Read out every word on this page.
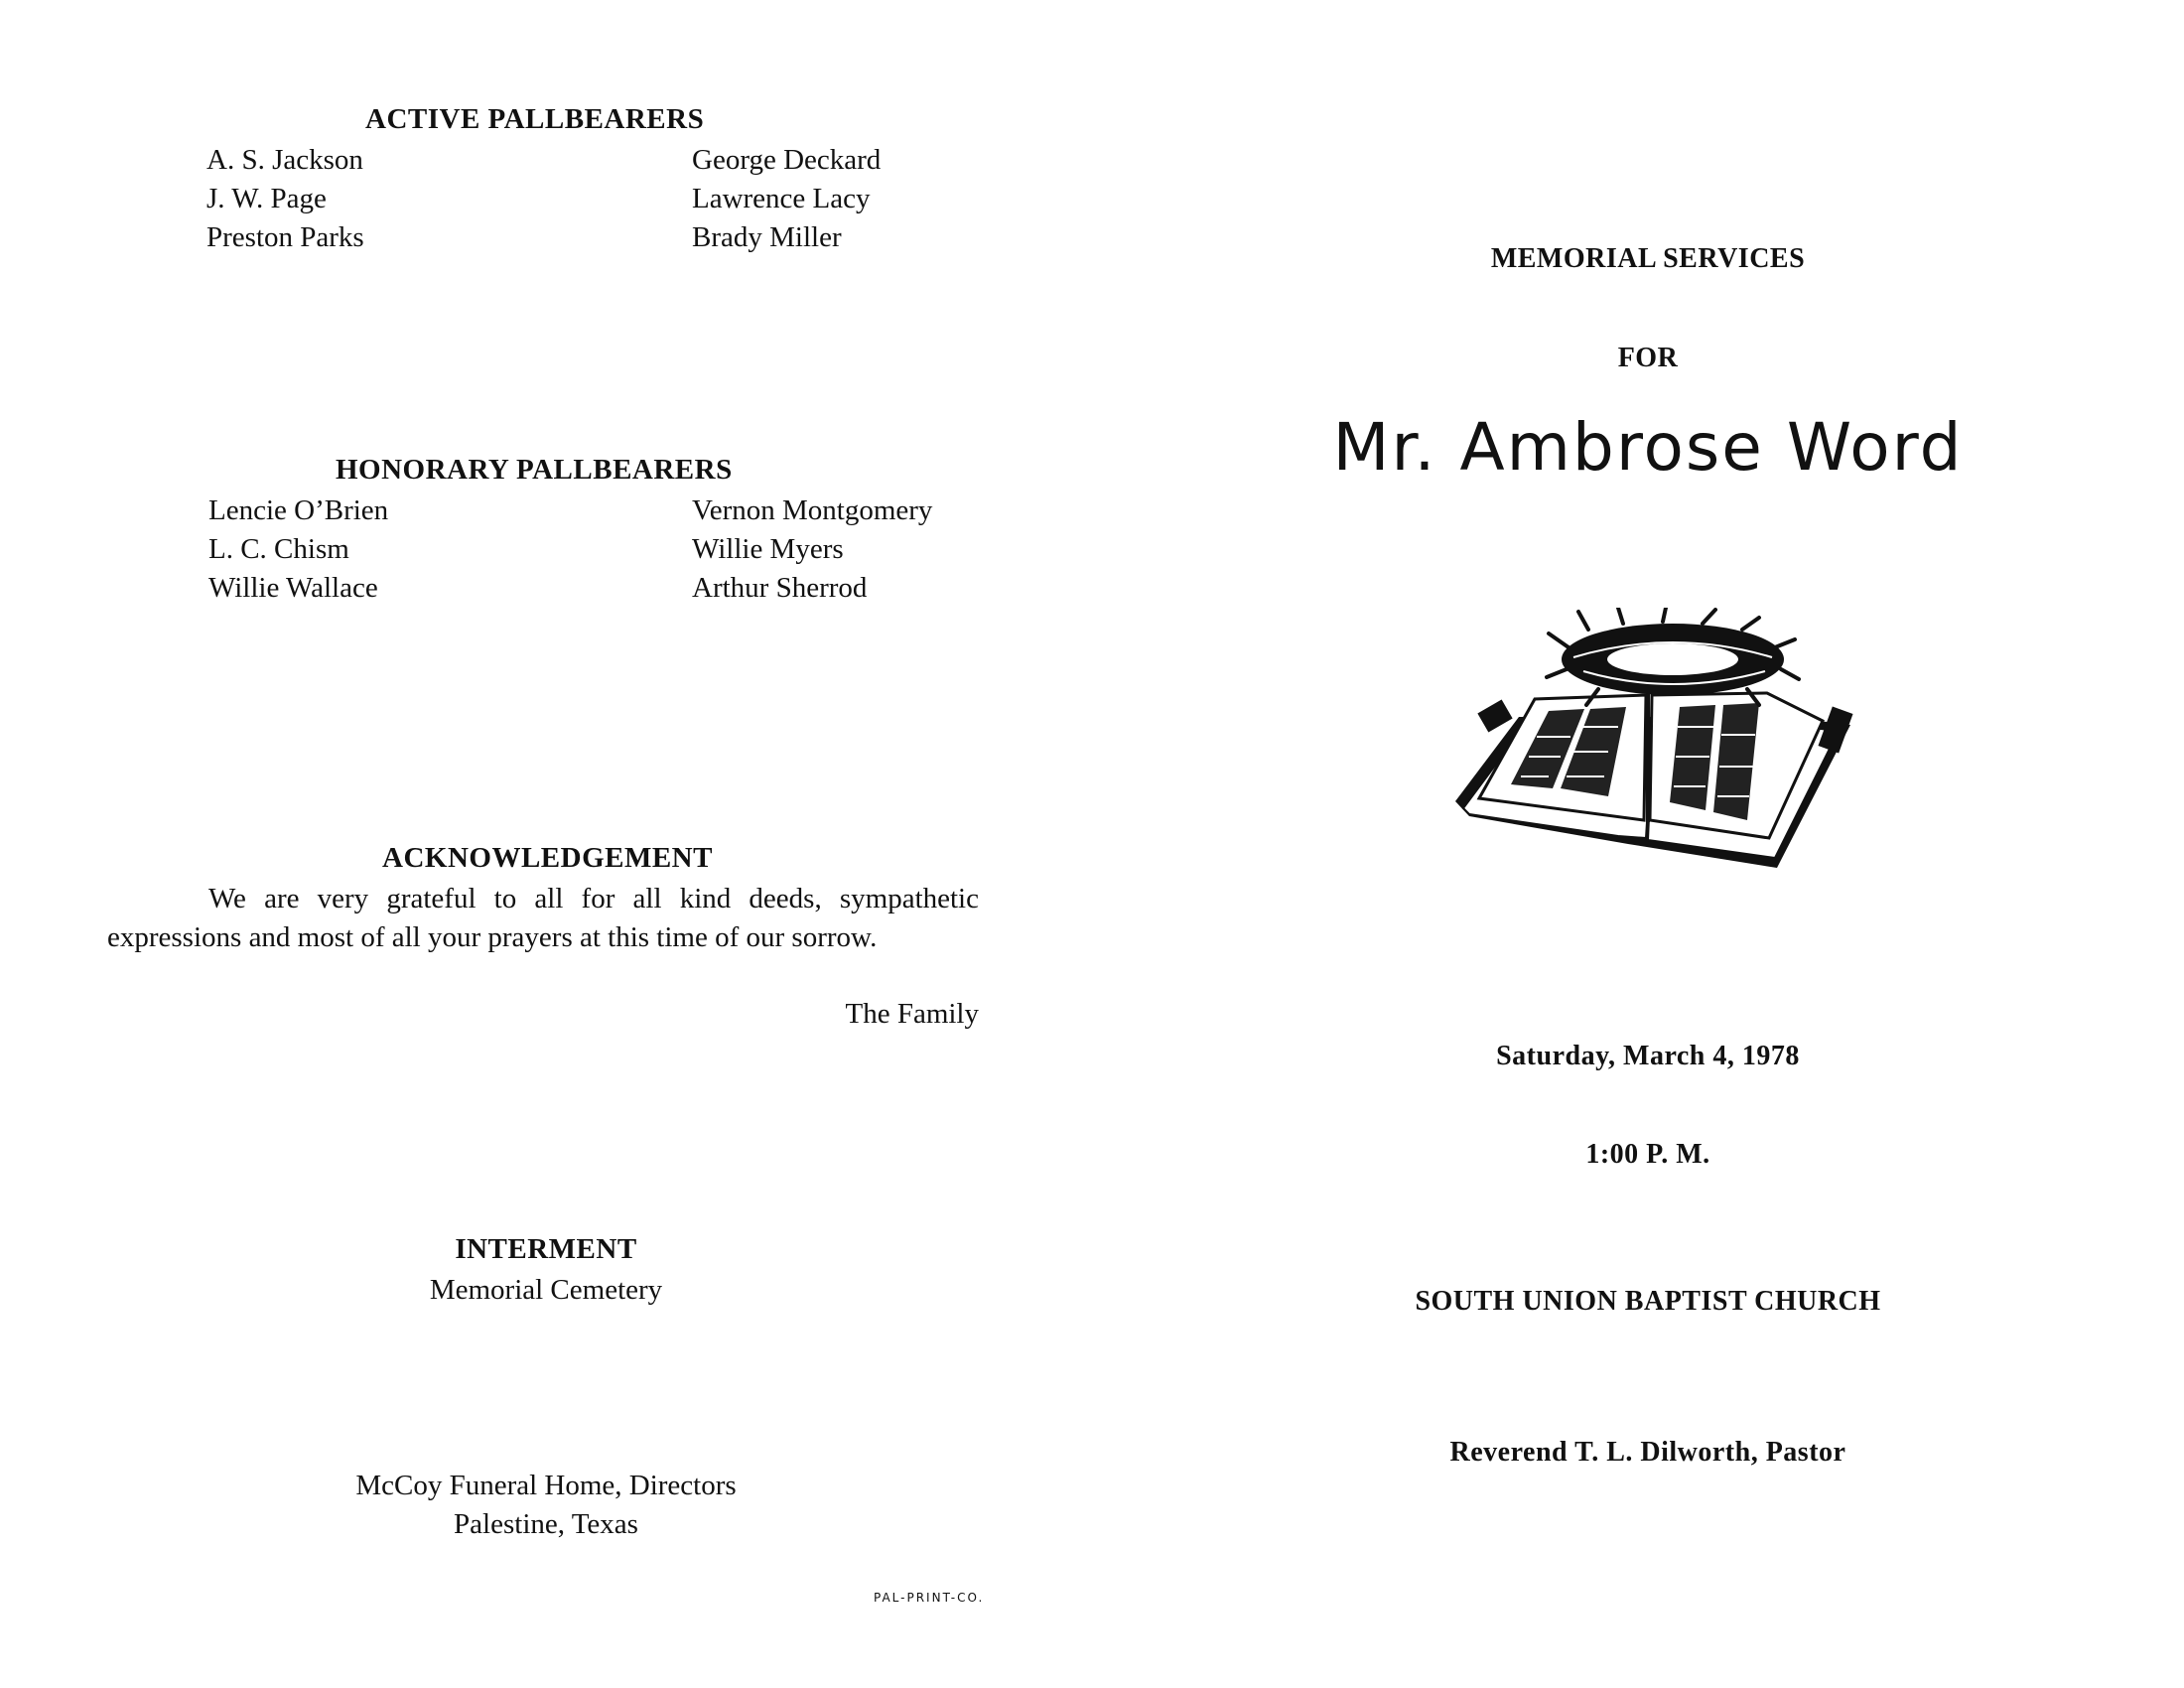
ACTIVE PALLBEARERS
A. S. Jackson
J. W. Page
Preston Parks
George Deckard
Lawrence Lacy
Brady Miller
HONORARY PALLBEARERS
Lencie O’Brien
L. C. Chism
Willie Wallace
Vernon Montgomery
Willie Myers
Arthur Sherrod
ACKNOWLEDGEMENT
We are very grateful to all for all kind deeds, sympathetic expressions and most of all your prayers at this time of our sorrow.
The Family
INTERMENT
Memorial Cemetery
McCoy Funeral Home, Directors
Palestine, Texas
PAL-PRINT-CO.
MEMORIAL SERVICES
FOR
Mr. Ambrose Word
Saturday, March 4, 1978
1:00 P. M.
SOUTH UNION BAPTIST CHURCH
Reverend T. L. Dilworth, Pastor
